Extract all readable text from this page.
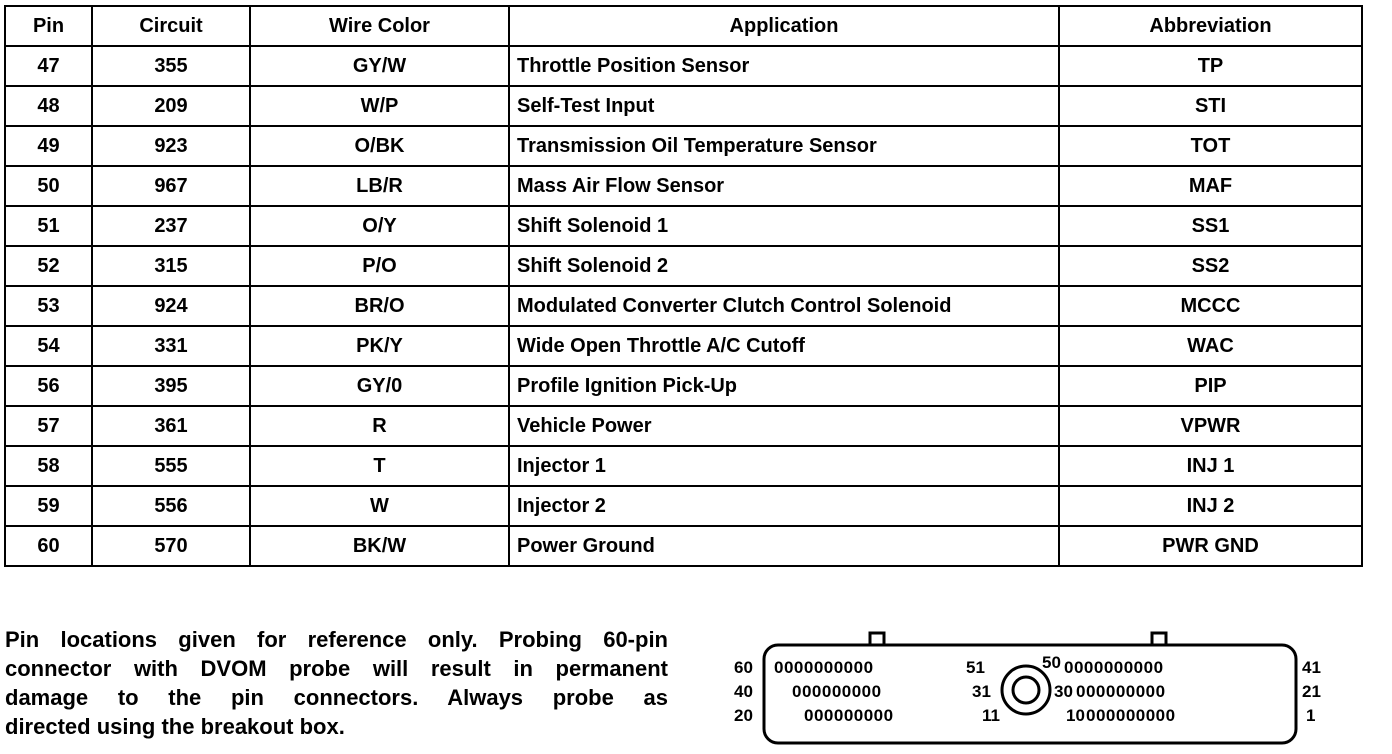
Pin	Circuit	Wire Color	Application	Abbreviation
47	355	GY/W	Throttle Position Sensor	TP
48	209	W/P	Self-Test Input	STI
49	923	O/BK	Transmission Oil Temperature Sensor	TOT
50	967	LB/R	Mass Air Flow Sensor	MAF
51	237	O/Y	Shift Solenoid 1	SS1
52	315	P/O	Shift Solenoid 2	SS2
53	924	BR/O	Modulated Converter Clutch Control Solenoid	MCCC
54	331	PK/Y	Wide Open Throttle A/C Cutoff	WAC
56	395	GY/0	Profile Ignition Pick-Up	PIP
57	361	R	Vehicle Power	VPWR
58	555	T	Injector 1	INJ 1
59	556	W	Injector 2	INJ 2
60	570	BK/W	Power Ground	PWR GND
Pin locations given for reference only. Probing 60-pin
connector with DVOM probe will result in permanent
damage to the pin connectors. Always probe as
directed using the breakout box.
60
40
20
41
21
1
51	50
31	30
11	10
0000000000	0000000000
000000000	000000000
000000000	000000000
